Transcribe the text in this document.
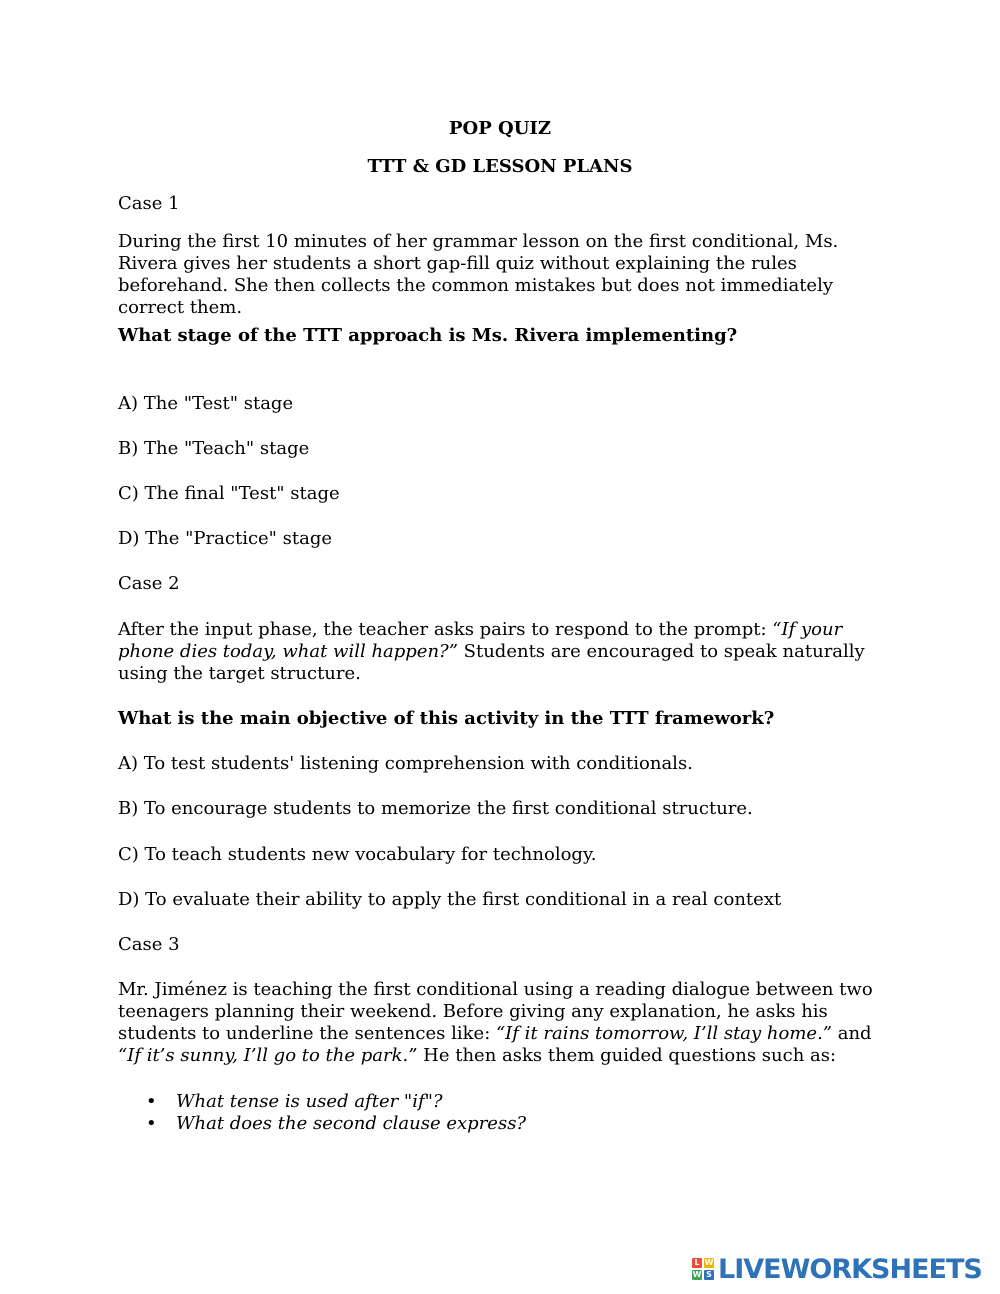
POP QUIZ
TTT & GD LESSON PLANS
Case 1

During the first 10 minutes of her grammar lesson on the first conditional, Ms. Rivera gives her students a short gap-fill quiz without explaining the rules beforehand. She then collects the common mistakes but does not immediately correct them.

What stage of the TTT approach is Ms. Rivera implementing?
A) The "Test" stage
B) The "Teach" stage
C) The final "Test" stage
D) The "Practice" stage
Case 2

After the input phase, the teacher asks pairs to respond to the prompt: “If your phone dies today, what will happen?” Students are encouraged to speak naturally using the target structure.

What is the main objective of this activity in the TTT framework?
A) To test students' listening comprehension with conditionals.
B) To encourage students to memorize the first conditional structure.
C) To teach students new vocabulary for technology.
D) To evaluate their ability to apply the first conditional in a real context
Case 3

Mr. Jiménez is teaching the first conditional using a reading dialogue between two teenagers planning their weekend. Before giving any explanation, he asks his students to underline the sentences like: “If it rains tomorrow, I’ll stay home.” and “If it’s sunny, I’ll go to the park.” He then asks them guided questions such as:

• What tense is used after "if"?
• What does the second clause express?
L W
W S LIVEWORKSHEETS
